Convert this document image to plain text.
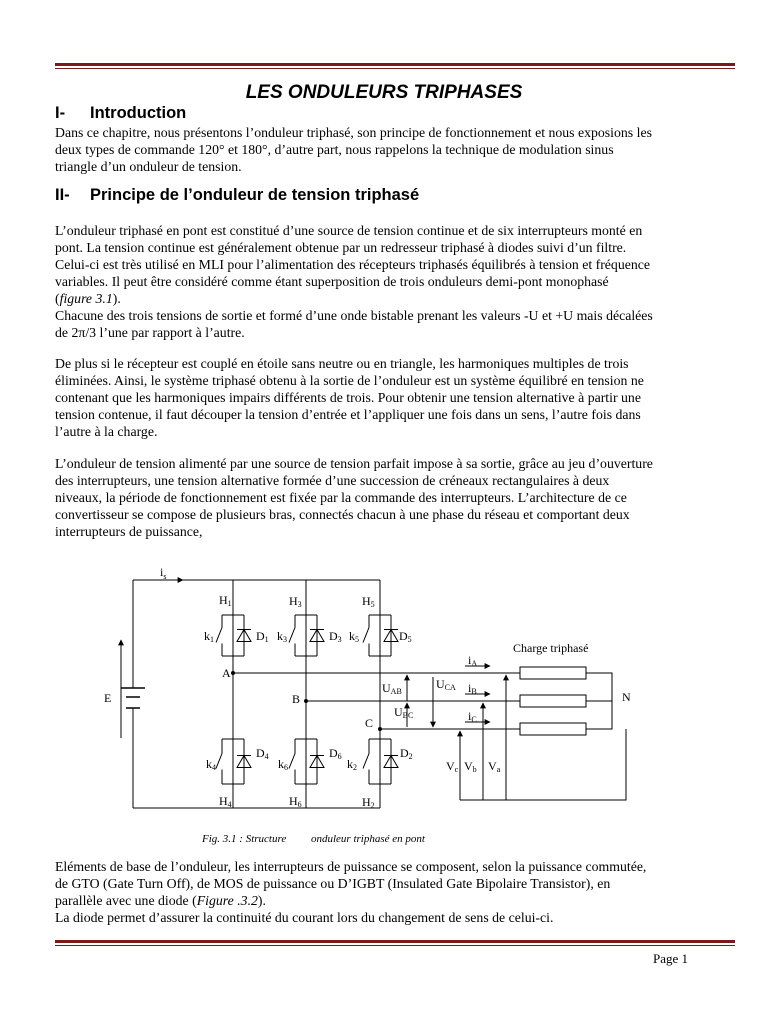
LES ONDULEURS TRIPHASES
I- Introduction

Dans ce chapitre, nous présentons l’onduleur triphasé, son principe de fonctionnement et nous exposions les
deux types de commande 120° et 180°, d’autre part, nous rappelons la technique de modulation sinus
triangle d’un onduleur de tension.

II- Principe de l’onduleur de tension triphasé

L’onduleur triphasé en pont est constitué d’une source de tension continue et de six interrupteurs monté en
pont. La tension continue est généralement obtenue par un redresseur triphasé à diodes suivi d’un filtre.
Celui-ci est très utilisé en MLI pour l’alimentation des récepteurs triphasés équilibrés à tension et fréquence
variables. Il peut être considéré comme étant superposition de trois onduleurs demi-pont monophasé
(figure 3.1).
Chacune des trois tensions de sortie et formé d’une onde bistable prenant les valeurs -U et +U mais décalées
de 2π/3 l’une par rapport à l’autre.

De plus si le récepteur est couplé en étoile sans neutre ou en triangle, les harmoniques multiples de trois
éliminées. Ainsi, le système triphasé obtenu à la sortie de l’onduleur est un système équilibré en tension ne
contenant que les harmoniques impairs différents de trois. Pour obtenir une tension alternative à partir une
tension contenue, il faut découper la tension d’entrée et l’appliquer une fois dans un sens, l’autre fois dans
l’autre à la charge.

L’onduleur de tension alimenté par une source de tension parfait impose à sa sortie, grâce au jeu d’ouverture
des interrupteurs, une tension alternative formée d’une succession de créneaux rectangulaires à deux
niveaux, la période de fonctionnement est fixée par la commande des interrupteurs. L’architecture de ce
convertisseur se compose de plusieurs bras, connectés chacun à une phase du réseau et comportant deux
interrupteurs de puissance,

$i_s$
E
A
B
C
N
Charge triphasé
iA
iB
iC
UAB
UCA
UBC
Vc Vb Va
H1	H3	H5
k1	k3	k5
D1	D3	D5
H4	H6	H2
k4	k6	k2
D4	D6	D2
Fig. 3.1 : Structure         onduleur triphasé en pont

Eléments de base de l’onduleur, les interrupteurs de puissance se composent, selon la puissance commutée,
de GTO (Gate Turn Off), de MOS de puissance ou D’IGBT (Insulated Gate Bipolaire Transistor), en
parallèle avec une diode (Figure .3.2).
La diode permet d’assurer la continuité du courant lors du changement de sens de celui-ci.

Page 1
